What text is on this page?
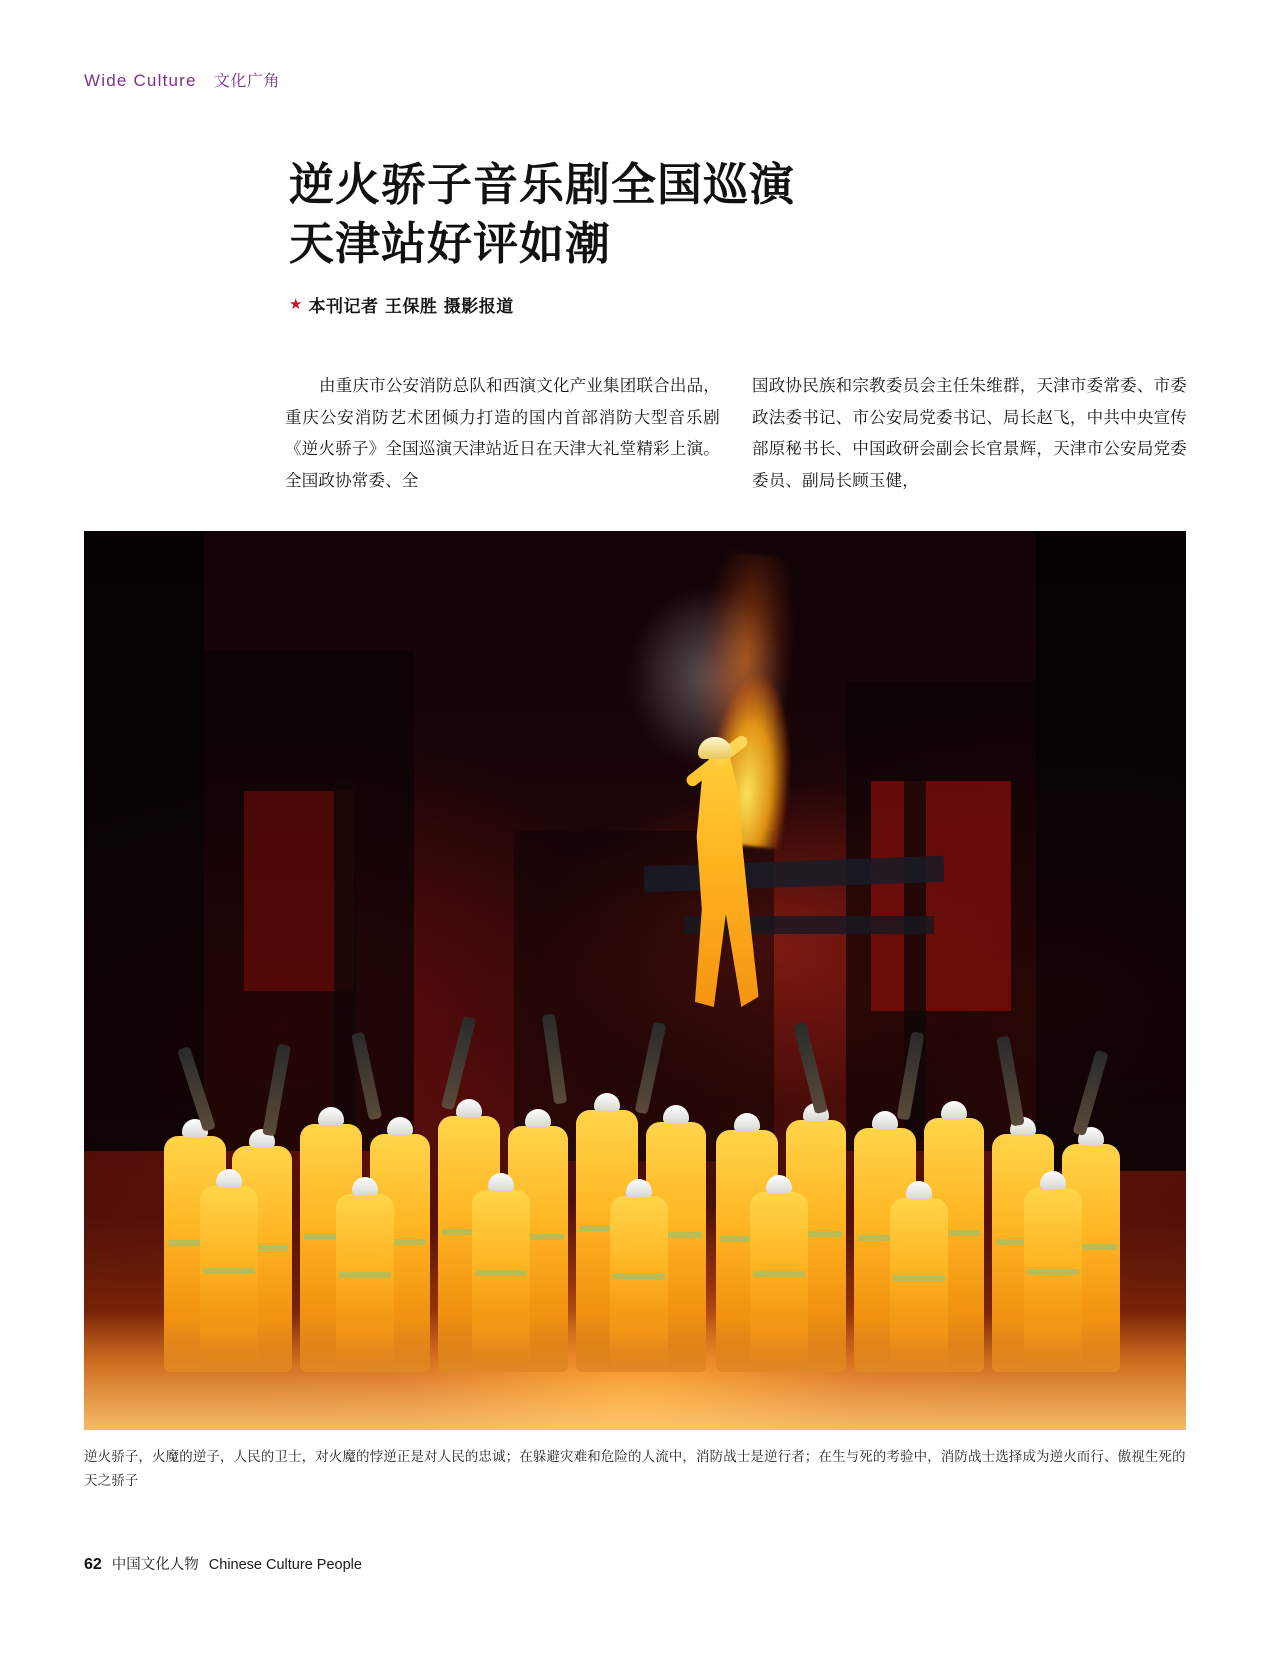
Wide Culture 文化广角
逆火骄子音乐剧全国巡演
天津站好评如潮
★ 本刊记者 王保胜 摄影报道

由重庆市公安消防总队和西演文化产业集团联合出品，重庆公安消防艺术团倾力打造的国内首部消防大型音乐剧《逆火骄子》全国巡演天津站近日在天津大礼堂精彩上演。全国政协常委、全

国政协民族和宗教委员会主任朱维群，天津市委常委、市委政法委书记、市公安局党委书记、局长赵飞，中共中央宣传部原秘书长、中国政研会副会长官景辉，天津市公安局党委委员、副局长顾玉健，

逆火骄子，火魔的逆子，人民的卫士，对火魔的悖逆正是对人民的忠诚；在躲避灾难和危险的人流中，消防战士是逆行者；在生与死的考验中，消防战士选择成为逆火而行、傲视生死的天之骄子
62 中国文化人物 Chinese Culture People
